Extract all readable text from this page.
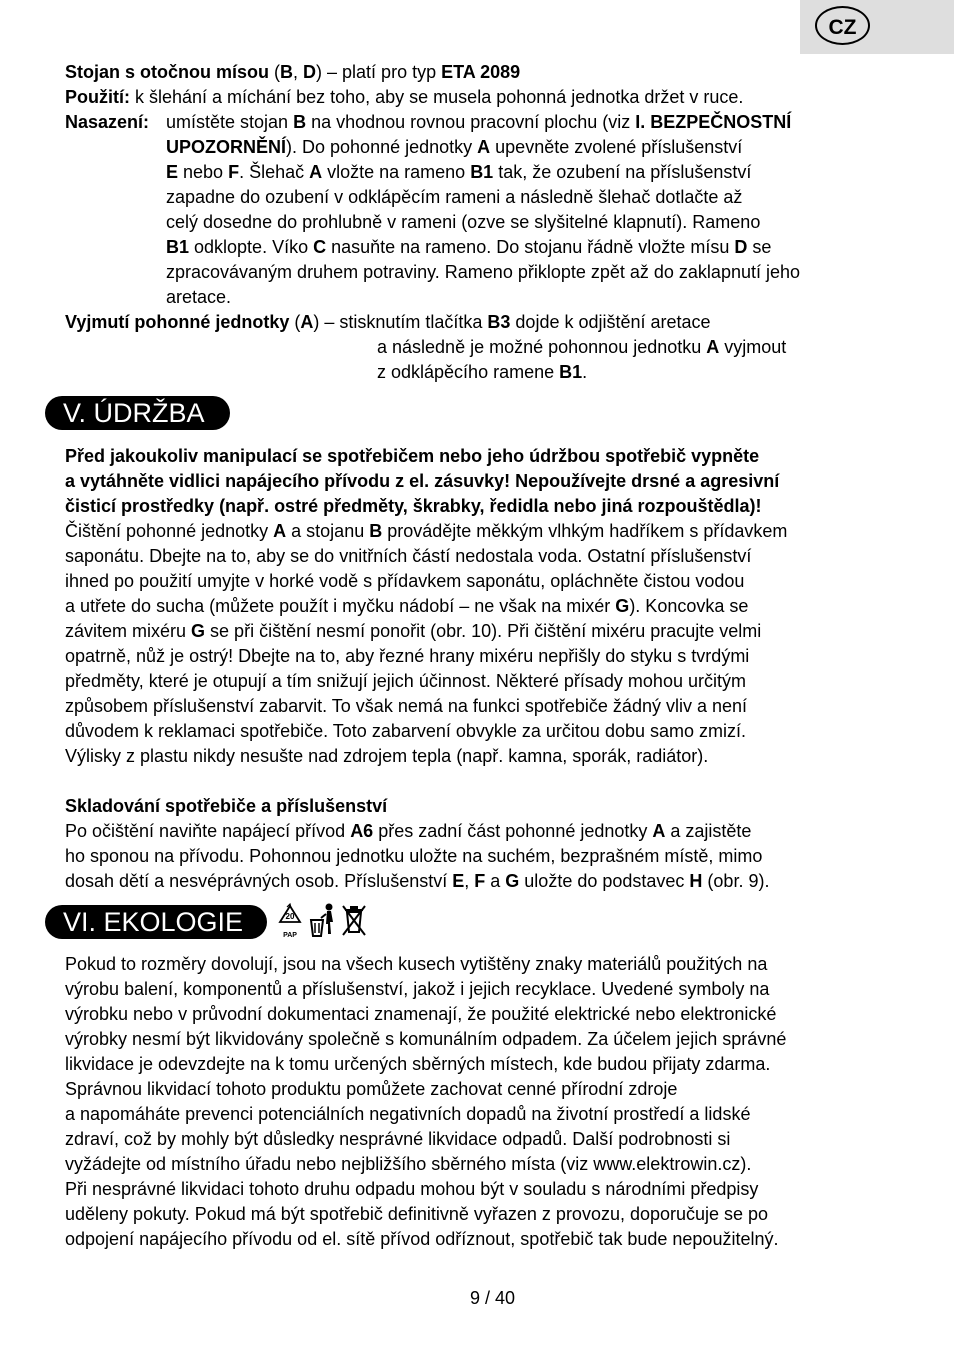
CZ
Stojan s otočnou mísou (B, D) – platí pro typ ETA 2089
Použití: k šlehání a míchání bez toho, aby se musela pohonná jednotka držet v ruce.
Nasazení: umístěte stojan B na vhodnou rovnou pracovní plochu (viz I. BEZPEČNOSTNÍ
UPOZORNĚNÍ). Do pohonné jednotky A upevněte zvolené příslušenství
E nebo F. Šlehač A vložte na rameno B1 tak, že ozubení na příslušenství
zapadne do ozubení v odklápěcím rameni a následně šlehač dotlačte až
celý dosedne do prohlubně v rameni (ozve se slyšitelné klapnutí). Rameno
B1 odklopte. Víko C nasuňte na rameno. Do stojanu řádně vložte mísu D se
zpracovávaným druhem potraviny. Rameno přiklopte zpět až do zaklapnutí jeho
aretace.
Vyjmutí pohonné jednotky (A) – stisknutím tlačítka B3 dojde k odjištění aretace
a následně je možné pohonnou jednotku A vyjmout
z odklápěcího ramene B1.
V. ÚDRŽBA
Před jakoukoliv manipulací se spotřebičem nebo jeho údržbou spotřebič vypněte
a vytáhněte vidlici napájecího přívodu z el. zásuvky! Nepoužívejte drsné a agresivní
čisticí prostředky (např. ostré předměty, škrabky, ředidla nebo jiná rozpouštědla)!
Čištění pohonné jednotky A a stojanu B provádějte měkkým vlhkým hadříkem s přídavkem
saponátu. Dbejte na to, aby se do vnitřních částí nedostala voda. Ostatní příslušenství
ihned po použití umyjte v horké vodě s přídavkem saponátu, opláchněte čistou vodou
a utřete do sucha (můžete použít i myčku nádobí – ne však na mixér G). Koncovka se
závitem mixéru G se při čištění nesmí ponořit (obr. 10). Při čištění mixéru pracujte velmi
opatrně, nůž je ostrý! Dbejte na to, aby řezné hrany mixéru nepřišly do styku s tvrdými
předměty, které je otupují a tím snižují jejich účinnost. Některé přísady mohou určitým
způsobem příslušenství zabarvit. To však nemá na funkci spotřebiče žádný vliv a není
důvodem k reklamaci spotřebiče. Toto zabarvení obvykle za určitou dobu samo zmizí.
Výlisky z plastu nikdy nesušte nad zdrojem tepla (např. kamna, sporák, radiátor).
Skladování spotřebiče a příslušenství
Po očištění naviňte napájecí přívod A6 přes zadní část pohonné jednotky A a zajistěte
ho sponou na přívodu. Pohonnou jednotku uložte na suchém, bezprašném místě, mimo
dosah dětí a nesvéprávných osob. Příslušenství E, F a G uložte do podstavec H (obr. 9).
VI. EKOLOGIE	20
PAP
Pokud to rozměry dovolují, jsou na všech kusech vytištěny znaky materiálů použitých na
výrobu balení, komponentů a příslušenství, jakož i jejich recyklace. Uvedené symboly na
výrobku nebo v průvodní dokumentaci znamenají, že použité elektrické nebo elektronické
výrobky nesmí být likvidovány společně s komunálním odpadem. Za účelem jejich správné
likvidace je odevzdejte na k tomu určených sběrných místech, kde budou přijaty zdarma.
Správnou likvidací tohoto produktu pomůžete zachovat cenné přírodní zdroje
a napomáháte prevenci potenciálních negativních dopadů na životní prostředí a lidské
zdraví, což by mohly být důsledky nesprávné likvidace odpadů. Další podrobnosti si
vyžádejte od místního úřadu nebo nejbližšího sběrného místa (viz www.elektrowin.cz).
Při nesprávné likvidaci tohoto druhu odpadu mohou být v souladu s národními předpisy
uděleny pokuty. Pokud má být spotřebič definitivně vyřazen z provozu, doporučuje se po
odpojení napájecího přívodu od el. sítě přívod odříznout, spotřebič tak bude nepoužitelný.
9 / 40
